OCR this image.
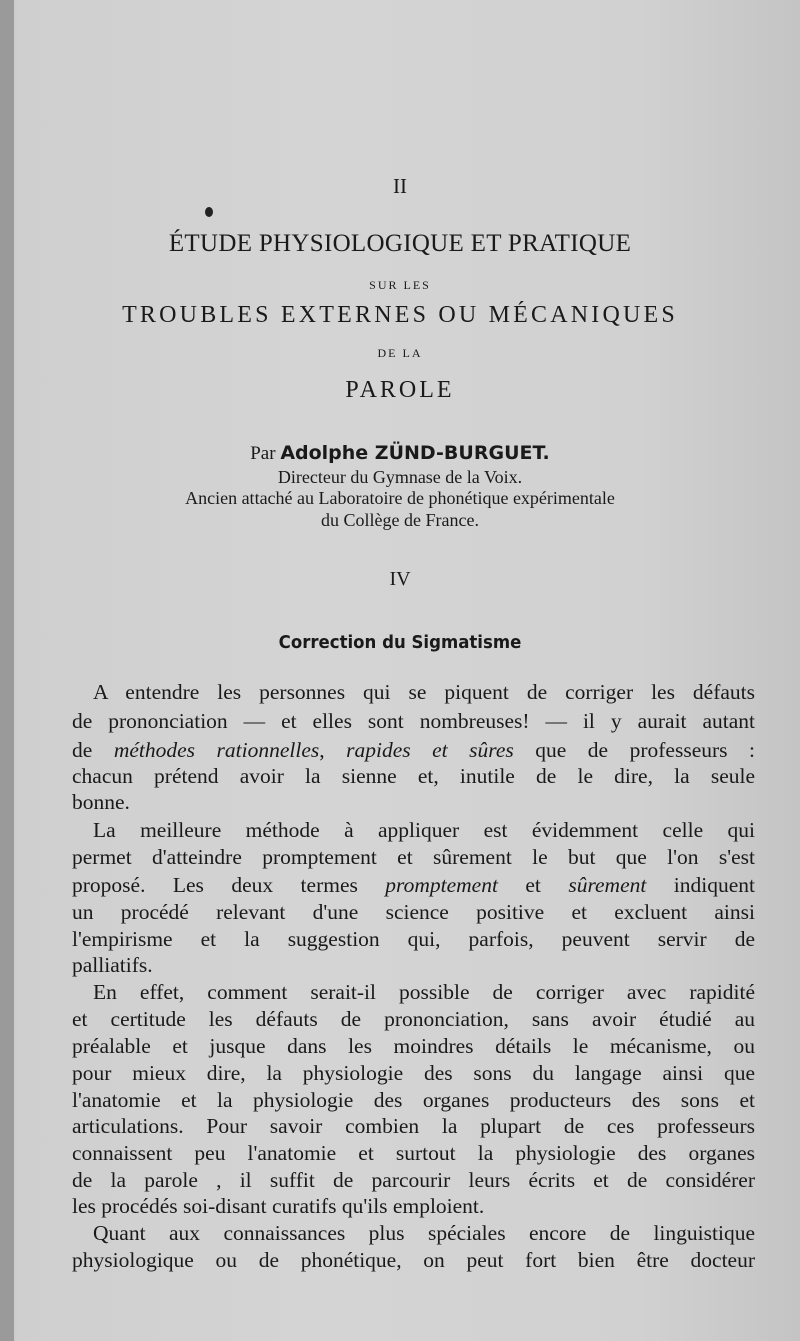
II
ÉTUDE PHYSIOLOGIQUE ET PRATIQUE
SUR LES
TROUBLES EXTERNES OU MÉCANIQUES
DE LA
PAROLE
Par Adolphe ZÜND-BURGUET.
Directeur du Gymnase de la Voix.
Ancien attaché au Laboratoire de phonétique expérimentale
du Collège de France.
IV
Correction du Sigmatisme
A entendre les personnes qui se piquent de corriger les défauts
de prononciation — et elles sont nombreuses! — il y aurait autant
de méthodes rationnelles, rapides et sûres que de professeurs :
chacun prétend avoir la sienne et, inutile de le dire, la seule
bonne.
La meilleure méthode à appliquer est évidemment celle qui
permet d'atteindre promptement et sûrement le but que l'on s'est
proposé. Les deux termes promptement et sûrement indiquent
un procédé relevant d'une science positive et excluent ainsi
l'empirisme et la suggestion qui, parfois, peuvent servir de
palliatifs.
En effet, comment serait-il possible de corriger avec rapidité
et certitude les défauts de prononciation, sans avoir étudié au
préalable et jusque dans les moindres détails le mécanisme, ou
pour mieux dire, la physiologie des sons du langage ainsi que
l'anatomie et la physiologie des organes producteurs des sons et
articulations. Pour savoir combien la plupart de ces professeurs
connaissent peu l'anatomie et surtout la physiologie des organes
de la parole , il suffit de parcourir leurs écrits et de considérer
les procédés soi-disant curatifs qu'ils emploient.
Quant aux connaissances plus spéciales encore de linguistique
physiologique ou de phonétique, on peut fort bien être docteur
